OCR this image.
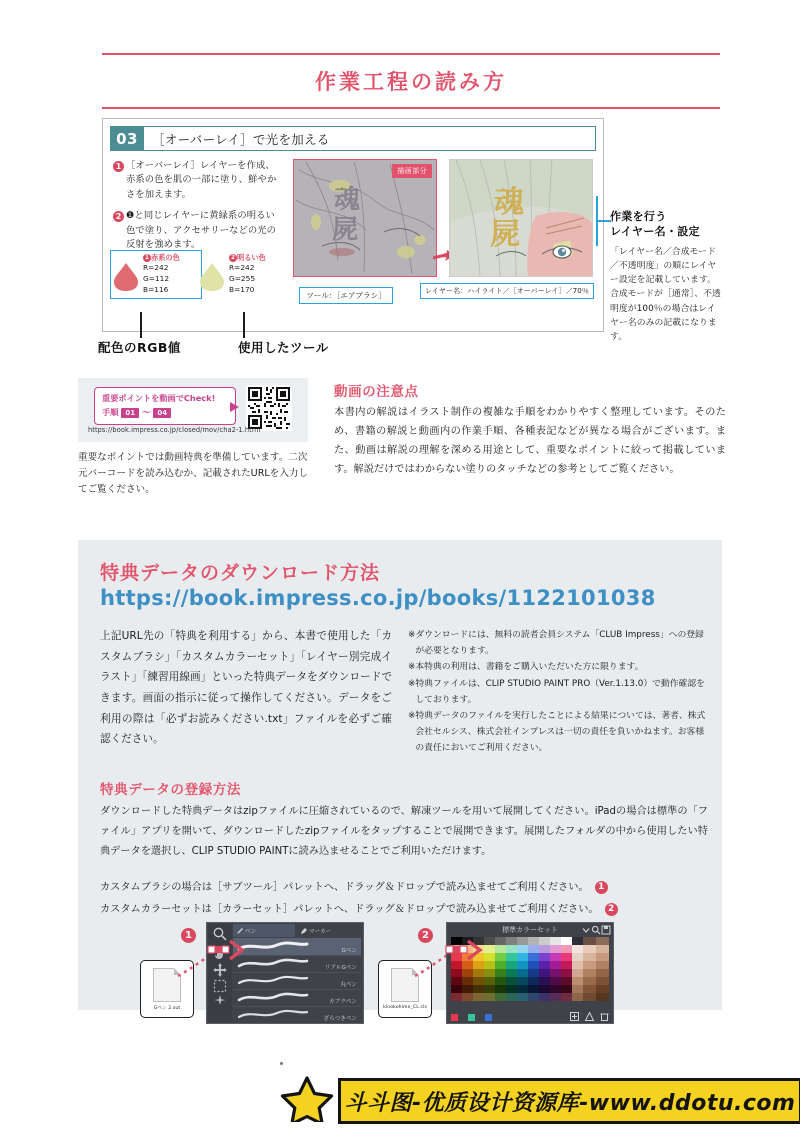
作業工程の読み方
03	［オーバーレイ］で光を加える
1 ［オーバーレイ］レイヤーを作成、赤系の色を肌の一部に塗り、鮮やかさを加えます。
2 ❶と同じレイヤーに黄緑系の明るい色で塗り、アクセサリーなどの光の反射を強めます。
1 赤系の色
R=242
G=112
B=116
2 明るい色
R=242
G=255
B=170
魂
屍
描画部分
魂
屍
レイヤー名：ハイライト／［オーバーレイ］／70％
ツール：［エアブラシ］
配色のRGB値	使用したツール
作業を行う
レイヤー名・設定

「レイヤー名／合成モード／不透明度」の順にレイヤー設定を記載しています。合成モードが［通常］、不透明度が100％の場合はレイヤー名のみの記載になります。

重要ポイントを動画でCheck!
手順	01 ～	04
https://book.impress.co.jp/closed/mov/cha2-1.html
重要なポイントでは動画特典を準備しています。二次元バーコードを読み込むか、記載されたURLを入力してご覧ください。
動画の注意点
本書内の解説はイラスト制作の複雑な手順をわかりやすく整理しています。そのため、書籍の解説と動画内の作業手順、各種表記などが異なる場合がございます。また、動画は解説の理解を深める用途として、重要なポイントに絞って掲載しています。解説だけではわからない塗りのタッチなどの参考としてご覧ください。
特典データのダウンロード方法
https://book.impress.co.jp/books/1122101038
上記URL先の「特典を利用する」から、本書で使用した「カスタムブラシ」「カスタムカラーセット」「レイヤー別完成イラスト」「練習用線画」といった特典データをダウンロードできます。画面の指示に従って操作してください。データをご利用の際は「必ずお読みください.txt」ファイルを必ずご確認ください。
※ ダウンロードには、無料の読者会員システム「CLUB Impress」への登録が必要となります。
※ 本特典の利用は、書籍をご購入いただいた方に限ります。
※ 特典ファイルは、CLIP STUDIO PAINT PRO（Ver.1.13.0）で動作確認をしております。
※ 特典データのファイルを実行したことによる結果については、著者、株式会社セルシス、株式会社インプレスは一切の責任を負いかねます。お客様の責任においてご利用ください。
特典データの登録方法
ダウンロードした特典データはzipファイルに圧縮されているので、解凍ツールを用いて展開してください。iPadの場合は標準の「ファイル」アプリを開いて、ダウンロードしたzipファイルをタップすることで展開できます。展開したフォルダの中から使用したい特典データを選択し、CLIP STUDIO PAINTに読み込ませることでご利用いただけます。
カスタムブラシの場合は［サブツール］パレットへ、ドラッグ＆ドロップで読み込ませてご利用ください。	1
カスタムカラーセットは［カラーセット］パレットへ、ドラッグ＆ドロップで読み込ませてご利用ください。	2
1
Gペン 2.sut
ペン	マーカー
Gペン
リアルGペン
丸ペン
カブラペン
ざらつきペン
2
kinokohime_CL.cls
標準カラーセット
斗斗图-优质设计资源库-www.ddotu.com
